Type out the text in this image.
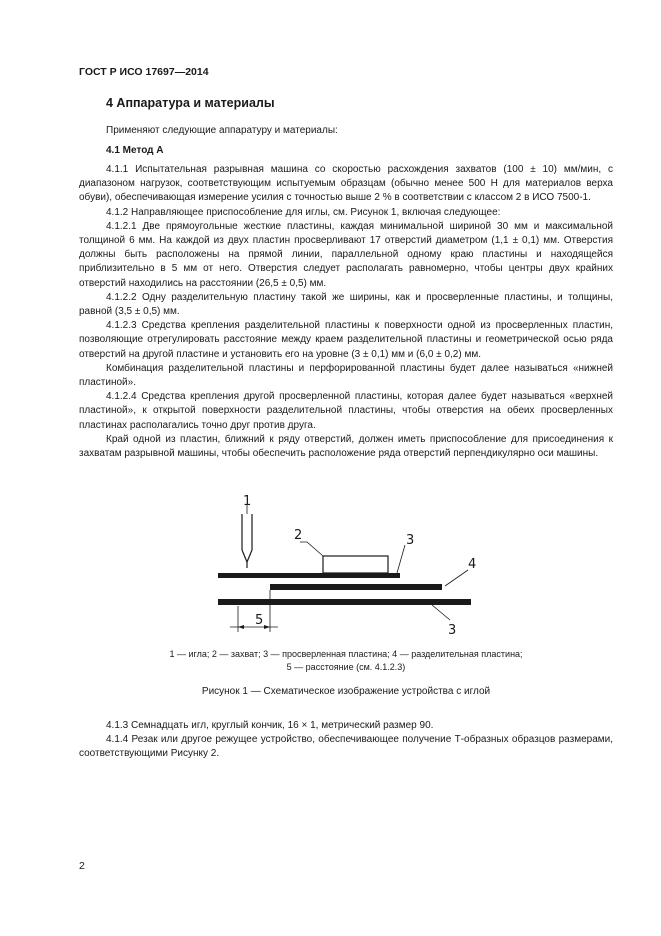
ГОСТ Р ИСО 17697—2014
4 Аппаратура и материалы
Применяют следующие аппаратуру и материалы:
4.1 Метод А

4.1.1 Испытательная разрывная машина со скоростью расхождения захватов (100 ± 10) мм/мин, с диапазоном нагрузок, соответствующим испытуемым образцам (обычно менее 500 Н для материалов верха обуви), обеспечивающая измерение усилия с точностью выше 2 % в соответствии с классом 2 в ИСО 7500-1.

4.1.2 Направляющее приспособление для иглы, см. Рисунок 1, включая следующее:

4.1.2.1 Две прямоугольные жесткие пластины, каждая минимальной шириной 30 мм и максимальной толщиной 6 мм. На каждой из двух пластин просверливают 17 отверстий диаметром (1,1 ± 0,1) мм. Отверстия должны быть расположены на прямой линии, параллельной одному краю пластины и находящейся приблизительно в 5 мм от него. Отверстия следует располагать равномерно, чтобы центры двух крайних отверстий находились на расстоянии (26,5 ± 0,5) мм.

4.1.2.2 Одну разделительную пластину такой же ширины, как и просверленные пластины, и толщины, равной (3,5 ± 0,5) мм.

4.1.2.3 Средства крепления разделительной пластины к поверхности одной из просверленных пластин, позволяющие отрегулировать расстояние между краем разделительной пластины и геометрической осью ряда отверстий на другой пластине и установить его на уровне (3 ± 0,1) мм и (6,0 ± 0,2) мм.

Комбинация разделительной пластины и перфорированной пластины будет далее называться «нижней пластиной».

4.1.2.4 Средства крепления другой просверленной пластины, которая далее будет называться «верхней пластиной», к открытой поверхности разделительной пластины, чтобы отверстия на обеих просверленных пластинах располагались точно друг против друга.

Край одной из пластин, ближний к ряду отверстий, должен иметь приспособление для присоединения к захватам разрывной машины, чтобы обеспечить расположение ряда отверстий перпендикулярно оси машины.

1
2	3
4
3
5
1 — игла; 2 — захват; 3 — просверленная пластина; 4 — разделительная пластина;
5 — расстояние (см. 4.1.2.3)
Рисунок 1 — Схематическое изображение устройства с иглой

4.1.3 Семнадцать игл, круглый кончик, 16 × 1, метрический размер 90.

4.1.4 Резак или другое режущее устройство, обеспечивающее получение Т-образных образцов размерами, соответствующими Рисунку 2.

2
